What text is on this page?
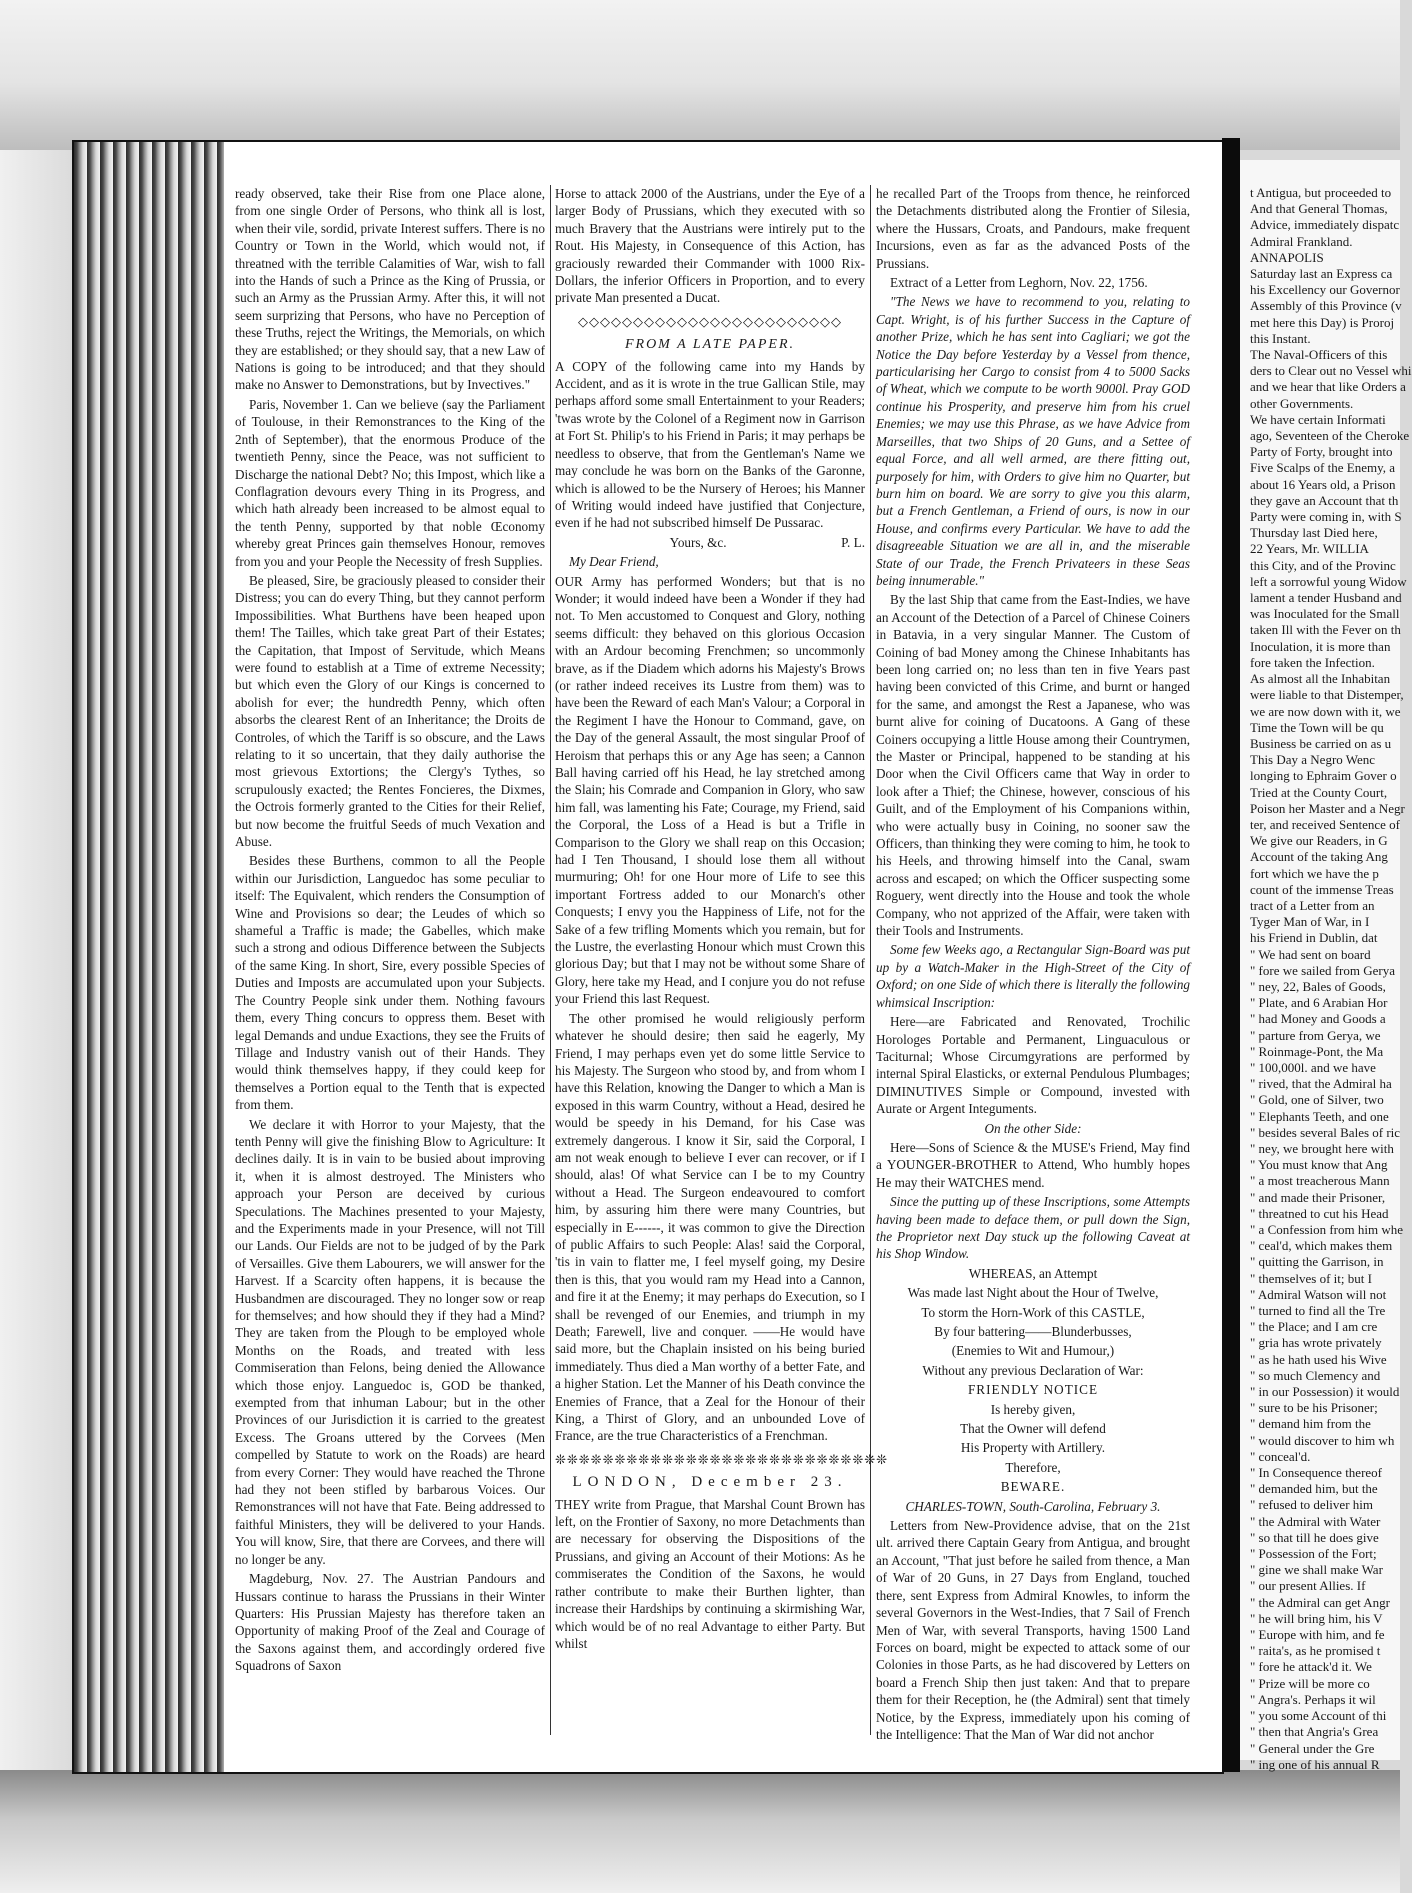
ready observed, take their Rise from one Place alone, from one single Order of Persons, who think all is lost, when their vile, sordid, private Interest suffers. There is no Country or Town in the World, which would not, if threatned with the terrible Calamities of War, wish to fall into the Hands of such a Prince as the King of Prussia, or such an Army as the Prussian Army. After this, it will not seem surprizing that Persons, who have no Perception of these Truths, reject the Writings, the Memorials, on which they are established; or they should say, that a new Law of Nations is going to be introduced; and that they should make no Answer to Demonstrations, but by Invectives."

Paris, November 1. Can we believe (say the Parliament of Toulouse, in their Remonstrances to the King of the 2nth of September), that the enormous Produce of the twentieth Penny, since the Peace, was not sufficient to Discharge the national Debt? No; this Impost, which like a Conflagration devours every Thing in its Progress, and which hath already been increased to be almost equal to the tenth Penny, supported by that noble Œconomy whereby great Princes gain themselves Honour, removes from you and your People the Necessity of fresh Supplies.

Be pleased, Sire, be graciously pleased to consider their Distress; you can do every Thing, but they cannot perform Impossibilities. What Burthens have been heaped upon them! The Tailles, which take great Part of their Estates; the Capitation, that Impost of Servitude, which Means were found to establish at a Time of extreme Necessity; but which even the Glory of our Kings is concerned to abolish for ever; the hundredth Penny, which often absorbs the clearest Rent of an Inheritance; the Droits de Controles, of which the Tariff is so obscure, and the Laws relating to it so uncertain, that they daily authorise the most grievous Extortions; the Clergy's Tythes, so scrupulously exacted; the Rentes Foncieres, the Dixmes, the Octrois formerly granted to the Cities for their Relief, but now become the fruitful Seeds of much Vexation and Abuse.

Besides these Burthens, common to all the People within our Jurisdiction, Languedoc has some peculiar to itself: The Equivalent, which renders the Consumption of Wine and Provisions so dear; the Leudes of which so shameful a Traffic is made; the Gabelles, which make such a strong and odious Difference between the Subjects of the same King. In short, Sire, every possible Species of Duties and Imposts are accumulated upon your Subjects. The Country People sink under them. Nothing favours them, every Thing concurs to oppress them. Beset with legal Demands and undue Exactions, they see the Fruits of Tillage and Industry vanish out of their Hands. They would think themselves happy, if they could keep for themselves a Portion equal to the Tenth that is expected from them.

We declare it with Horror to your Majesty, that the tenth Penny will give the finishing Blow to Agriculture: It declines daily. It is in vain to be busied about improving it, when it is almost destroyed. The Ministers who approach your Person are deceived by curious Speculations. The Machines presented to your Majesty, and the Experiments made in your Presence, will not Till our Lands. Our Fields are not to be judged of by the Park of Versailles. Give them Labourers, we will answer for the Harvest. If a Scarcity often happens, it is because the Husbandmen are discouraged. They no longer sow or reap for themselves; and how should they if they had a Mind? They are taken from the Plough to be employed whole Months on the Roads, and treated with less Commiseration than Felons, being denied the Allowance which those enjoy. Languedoc is, GOD be thanked, exempted from that inhuman Labour; but in the other Provinces of our Jurisdiction it is carried to the greatest Excess. The Groans uttered by the Corvees (Men compelled by Statute to work on the Roads) are heard from every Corner: They would have reached the Throne had they not been stifled by barbarous Voices. Our Remonstrances will not have that Fate. Being addressed to faithful Ministers, they will be delivered to your Hands. You will know, Sire, that there are Corvees, and there will no longer be any.

Magdeburg, Nov. 27. The Austrian Pandours and Hussars continue to harass the Prussians in their Winter Quarters: His Prussian Majesty has therefore taken an Opportunity of making Proof of the Zeal and Courage of the Saxons against them, and accordingly ordered five Squadrons of Saxon

Horse to attack 2000 of the Austrians, under the Eye of a larger Body of Prussians, which they executed with so much Bravery that the Austrians were intirely put to the Rout. His Majesty, in Consequence of this Action, has graciously rewarded their Commander with 1000 Rix-Dollars, the inferior Officers in Proportion, and to every private Man presented a Ducat.

◇◇◇◇◇◇◇◇◇◇◇◇◇◇◇◇◇◇◇◇◇◇◇◇
FROM A LATE PAPER.

A COPY of the following came into my Hands by Accident, and as it is wrote in the true Gallican Stile, may perhaps afford some small Entertainment to your Readers; 'twas wrote by the Colonel of a Regiment now in Garrison at Fort St. Philip's to his Friend in Paris; it may perhaps be needless to observe, that from the Gentleman's Name we may conclude he was born on the Banks of the Garonne, which is allowed to be the Nursery of Heroes; his Manner of Writing would indeed have justified that Conjecture, even if he had not subscribed himself De Pussarac.

Yours, &c.	P. L.

My Dear Friend,

OUR Army has performed Wonders; but that is no Wonder; it would indeed have been a Wonder if they had not. To Men accustomed to Conquest and Glory, nothing seems difficult: they behaved on this glorious Occasion with an Ardour becoming Frenchmen; so uncommonly brave, as if the Diadem which adorns his Majesty's Brows (or rather indeed receives its Lustre from them) was to have been the Reward of each Man's Valour; a Corporal in the Regiment I have the Honour to Command, gave, on the Day of the general Assault, the most singular Proof of Heroism that perhaps this or any Age has seen; a Cannon Ball having carried off his Head, he lay stretched among the Slain; his Comrade and Companion in Glory, who saw him fall, was lamenting his Fate; Courage, my Friend, said the Corporal, the Loss of a Head is but a Trifle in Comparison to the Glory we shall reap on this Occasion; had I Ten Thousand, I should lose them all without murmuring; Oh! for one Hour more of Life to see this important Fortress added to our Monarch's other Conquests; I envy you the Happiness of Life, not for the Sake of a few trifling Moments which you remain, but for the Lustre, the everlasting Honour which must Crown this glorious Day; but that I may not be without some Share of Glory, here take my Head, and I conjure you do not refuse your Friend this last Request.

The other promised he would religiously perform whatever he should desire; then said he eagerly, My Friend, I may perhaps even yet do some little Service to his Majesty. The Surgeon who stood by, and from whom I have this Relation, knowing the Danger to which a Man is exposed in this warm Country, without a Head, desired he would be speedy in his Demand, for his Case was extremely dangerous. I know it Sir, said the Corporal, I am not weak enough to believe I ever can recover, or if I should, alas! Of what Service can I be to my Country without a Head. The Surgeon endeavoured to comfort him, by assuring him there were many Countries, but especially in E------, it was common to give the Direction of public Affairs to such People: Alas! said the Corporal, 'tis in vain to flatter me, I feel myself going, my Desire then is this, that you would ram my Head into a Cannon, and fire it at the Enemy; it may perhaps do Execution, so I shall be revenged of our Enemies, and triumph in my Death; Farewell, live and conquer. ——He would have said more, but the Chaplain insisted on his being buried immediately. Thus died a Man worthy of a better Fate, and a higher Station. Let the Manner of his Death convince the Enemies of France, that a Zeal for the Honour of their King, a Thirst of Glory, and an unbounded Love of France, are the true Characteristics of a Frenchman.

❊❊❊❊❊❊❊❊❊❊❊❊❊❊❊❊❊❊❊❊❊❊❊❊❊❊❊❊
LONDON, December 23.

THEY write from Prague, that Marshal Count Brown has left, on the Frontier of Saxony, no more Detachments than are necessary for observing the Dispositions of the Prussians, and giving an Account of their Motions: As he commiserates the Condition of the Saxons, he would rather contribute to make their Burthen lighter, than increase their Hardships by continuing a skirmishing War, which would be of no real Advantage to either Party. But whilst

he recalled Part of the Troops from thence, he reinforced the Detachments distributed along the Frontier of Silesia, where the Hussars, Croats, and Pandours, make frequent Incursions, even as far as the advanced Posts of the Prussians.

Extract of a Letter from Leghorn, Nov. 22, 1756.

"The News we have to recommend to you, relating to Capt. Wright, is of his further Success in the Capture of another Prize, which he has sent into Cagliari; we got the Notice the Day before Yesterday by a Vessel from thence, particularising her Cargo to consist from 4 to 5000 Sacks of Wheat, which we compute to be worth 9000l. Pray GOD continue his Prosperity, and preserve him from his cruel Enemies; we may use this Phrase, as we have Advice from Marseilles, that two Ships of 20 Guns, and a Settee of equal Force, and all well armed, are there fitting out, purposely for him, with Orders to give him no Quarter, but burn him on board. We are sorry to give you this alarm, but a French Gentleman, a Friend of ours, is now in our House, and confirms every Particular. We have to add the disagreeable Situation we are all in, and the miserable State of our Trade, the French Privateers in these Seas being innumerable."

By the last Ship that came from the East-Indies, we have an Account of the Detection of a Parcel of Chinese Coiners in Batavia, in a very singular Manner. The Custom of Coining of bad Money among the Chinese Inhabitants has been long carried on; no less than ten in five Years past having been convicted of this Crime, and burnt or hanged for the same, and amongst the Rest a Japanese, who was burnt alive for coining of Ducatoons. A Gang of these Coiners occupying a little House among their Countrymen, the Master or Principal, happened to be standing at his Door when the Civil Officers came that Way in order to look after a Thief; the Chinese, however, conscious of his Guilt, and of the Employment of his Companions within, who were actually busy in Coining, no sooner saw the Officers, than thinking they were coming to him, he took to his Heels, and throwing himself into the Canal, swam across and escaped; on which the Officer suspecting some Roguery, went directly into the House and took the whole Company, who not apprized of the Affair, were taken with their Tools and Instruments.

Some few Weeks ago, a Rectangular Sign-Board was put up by a Watch-Maker in the High-Street of the City of Oxford; on one Side of which there is literally the following whimsical Inscription:

Here—are Fabricated and Renovated, Trochilic Horologes Portable and Permanent, Linguaculous or Taciturnal; Whose Circumgyrations are performed by internal Spiral Elasticks, or external Pendulous Plumbages; DIMINUTIVES Simple or Compound, invested with Aurate or Argent Integuments.

On the other Side:

Here—Sons of Science & the MUSE's Friend, May find a YOUNGER-BROTHER to Attend, Who humbly hopes He may their WATCHES mend.

Since the putting up of these Inscriptions, some Attempts having been made to deface them, or pull down the Sign, the Proprietor next Day stuck up the following Caveat at his Shop Window.

WHEREAS, an Attempt

Was made last Night about the Hour of Twelve,

To storm the Horn-Work of this CASTLE,

By four battering——Blunderbusses,

(Enemies to Wit and Humour,)

Without any previous Declaration of War:

FRIENDLY NOTICE

Is hereby given,

That the Owner will defend

His Property with Artillery.

Therefore,

BEWARE.

CHARLES-TOWN, South-Carolina, February 3.

Letters from New-Providence advise, that on the 21st ult. arrived there Captain Geary from Antigua, and brought an Account, "That just before he sailed from thence, a Man of War of 20 Guns, in 27 Days from England, touched there, sent Express from Admiral Knowles, to inform the several Governors in the West-Indies, that 7 Sail of French Men of War, with several Transports, having 1500 Land Forces on board, might be expected to attack some of our Colonies in those Parts, as he had discovered by Letters on board a French Ship then just taken: And that to prepare them for their Reception, he (the Admiral) sent that timely Notice, by the Express, immediately upon his coming of the Intelligence: That the Man of War did not anchor

t Antigua, but proceeded to
And that General Thomas,
Advice, immediately dispatc
Admiral Frankland.
ANNAPOLIS
Saturday last an Express ca
his Excellency our Governor
Assembly of this Province (v
met here this Day) is Proroj
this Instant.
The Naval-Officers of this
ders to Clear out no Vessel whi
and we hear that like Orders a
other Governments.
We have certain Informati
ago, Seventeen of the Cheroke
Party of Forty, brought into
Five Scalps of the Enemy, a
about 16 Years old, a Prison
they gave an Account that th
Party were coming in, with S
Thursday last Died here,
22 Years, Mr. WILLIA
this City, and of the Provinc
left a sorrowful young Widow
lament a tender Husband and
was Inoculated for the Small
taken Ill with the Fever on th
Inoculation, it is more than
fore taken the Infection.
As almost all the Inhabitan
were liable to that Distemper,
we are now down with it, we
Time the Town will be qu
Business be carried on as u
This Day a Negro Wenc
longing to Ephraim Gover o
Tried at the County Court,
Poison her Master and a Negr
ter, and received Sentence of
We give our Readers, in G
Account of the taking Ang
fort which we have the p
count of the immense Treas
tract of a Letter from an
Tyger Man of War, in I
his Friend in Dublin, dat
" We had sent on board
" fore we sailed from Gerya
" ney, 22, Bales of Goods,
" Plate, and 6 Arabian Hor
" had Money and Goods a
" parture from Gerya, we
" Roinmage-Pont, the Ma
" 100,000l. and we have
" rived, that the Admiral ha
" Gold, one of Silver, two
" Elephants Teeth, and one
" besides several Bales of ric
" ney, we brought here with
" You must know that Ang
" a most treacherous Mann
" and made their Prisoner,
" threatned to cut his Head
" a Confession from him whe
" ceal'd, which makes them
" quitting the Garrison, in
" themselves of it; but I
" Admiral Watson will not
" turned to find all the Tre
" the Place; and I am cre
" gria has wrote privately
" as he hath used his Wive
" so much Clemency and
" in our Possession) it would
" sure to be his Prisoner;
" demand him from the
" would discover to him wh
" conceal'd.
" In Consequence thereof
" demanded him, but the
" refused to deliver him
" the Admiral with Water
" so that till he does give
" Possession of the Fort;
" gine we shall make War
" our present Allies. If
" the Admiral can get Angr
" he will bring him, his V
" Europe with him, and fe
" raita's, as he promised t
" fore he attack'd it. We
" Prize will be more co
" Angra's. Perhaps it wil
" you some Account of thi
" then that Angria's Grea
" General under the Gre
" ing one of his annual R
